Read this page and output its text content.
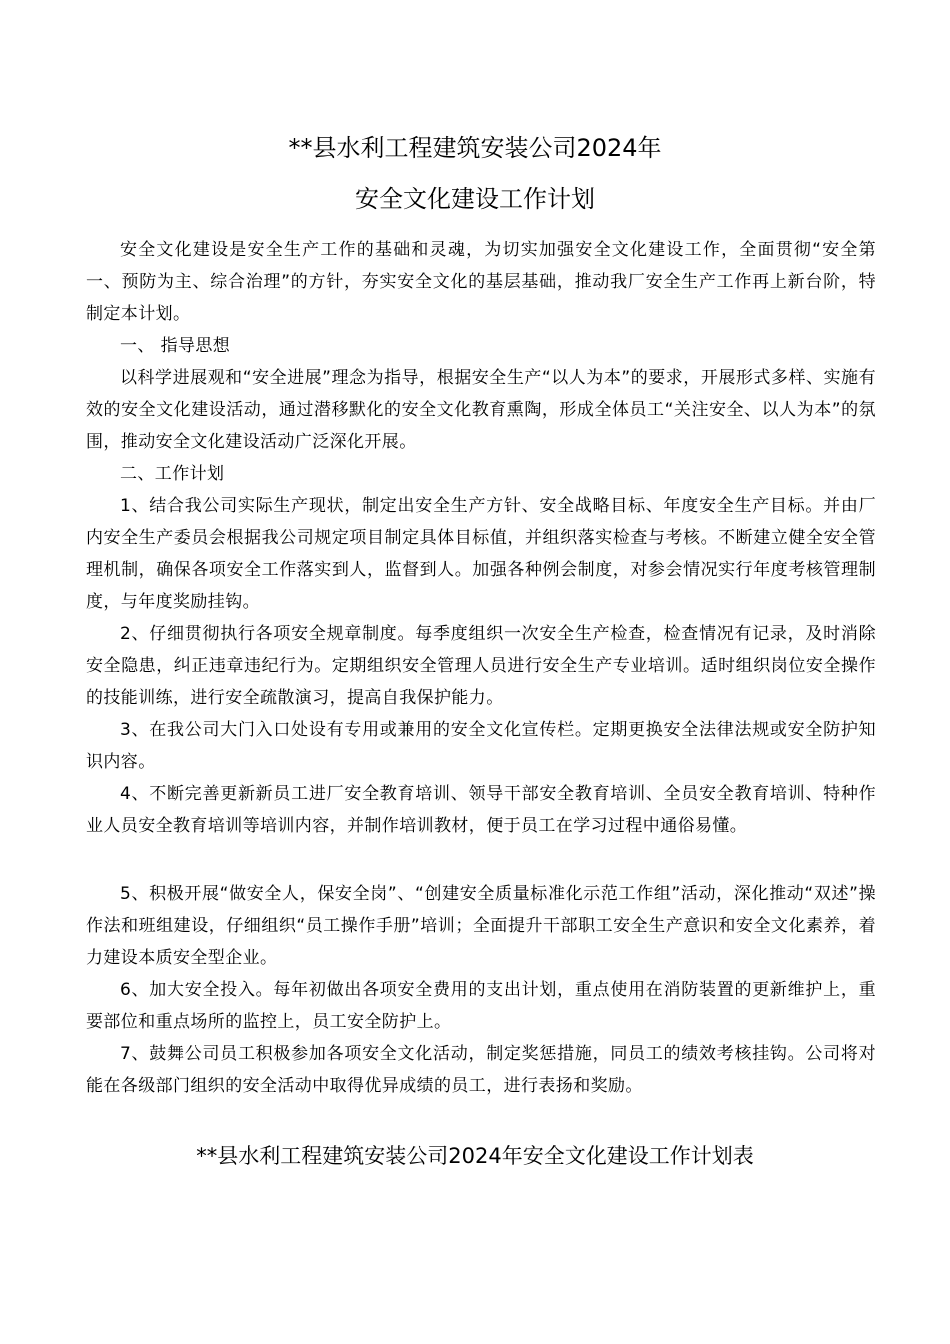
**县水利工程建筑安装公司2024年
安全文化建设工作计划

安全文化建设是安全生产工作的基础和灵魂，为切实加强安全文化建设工作，全面贯彻“安全第一、预防为主、综合治理”的方针，夯实安全文化的基层基础，推动我厂安全生产工作再上新台阶，特制定本计划。

一、 指导思想

以科学进展观和“安全进展”理念为指导，根据安全生产“以人为本”的要求，开展形式多样、实施有效的安全文化建设活动，通过潜移默化的安全文化教育熏陶，形成全体员工“关注安全、以人为本”的氛围，推动安全文化建设活动广泛深化开展。

二、工作计划

1、结合我公司实际生产现状，制定出安全生产方针、安全战略目标、年度安全生产目标。并由厂内安全生产委员会根据我公司规定项目制定具体目标值，并组织落实检查与考核。不断建立健全安全管理机制，确保各项安全工作落实到人，监督到人。加强各种例会制度，对参会情况实行年度考核管理制度，与年度奖励挂钩。

2、仔细贯彻执行各项安全规章制度。每季度组织一次安全生产检查，检查情况有记录，及时消除安全隐患，纠正违章违纪行为。定期组织安全管理人员进行安全生产专业培训。适时组织岗位安全操作的技能训练，进行安全疏散演习，提高自我保护能力。

3、在我公司大门入口处设有专用或兼用的安全文化宣传栏。定期更换安全法律法规或安全防护知识内容。

4、不断完善更新新员工进厂安全教育培训、领导干部安全教育培训、全员安全教育培训、特种作业人员安全教育培训等培训内容，并制作培训教材，便于员工在学习过程中通俗易懂。

5、积极开展“做安全人，保安全岗”、“创建安全质量标准化示范工作组”活动，深化推动“双述”操作法和班组建设，仔细组织“员工操作手册”培训；全面提升干部职工安全生产意识和安全文化素养，着力建设本质安全型企业。

6、加大安全投入。每年初做出各项安全费用的支出计划，重点使用在消防装置的更新维护上，重要部位和重点场所的监控上，员工安全防护上。

7、鼓舞公司员工积极参加各项安全文化活动，制定奖惩措施，同员工的绩效考核挂钩。公司将对能在各级部门组织的安全活动中取得优异成绩的员工，进行表扬和奖励。

**县水利工程建筑安装公司2024年安全文化建设工作计划表
